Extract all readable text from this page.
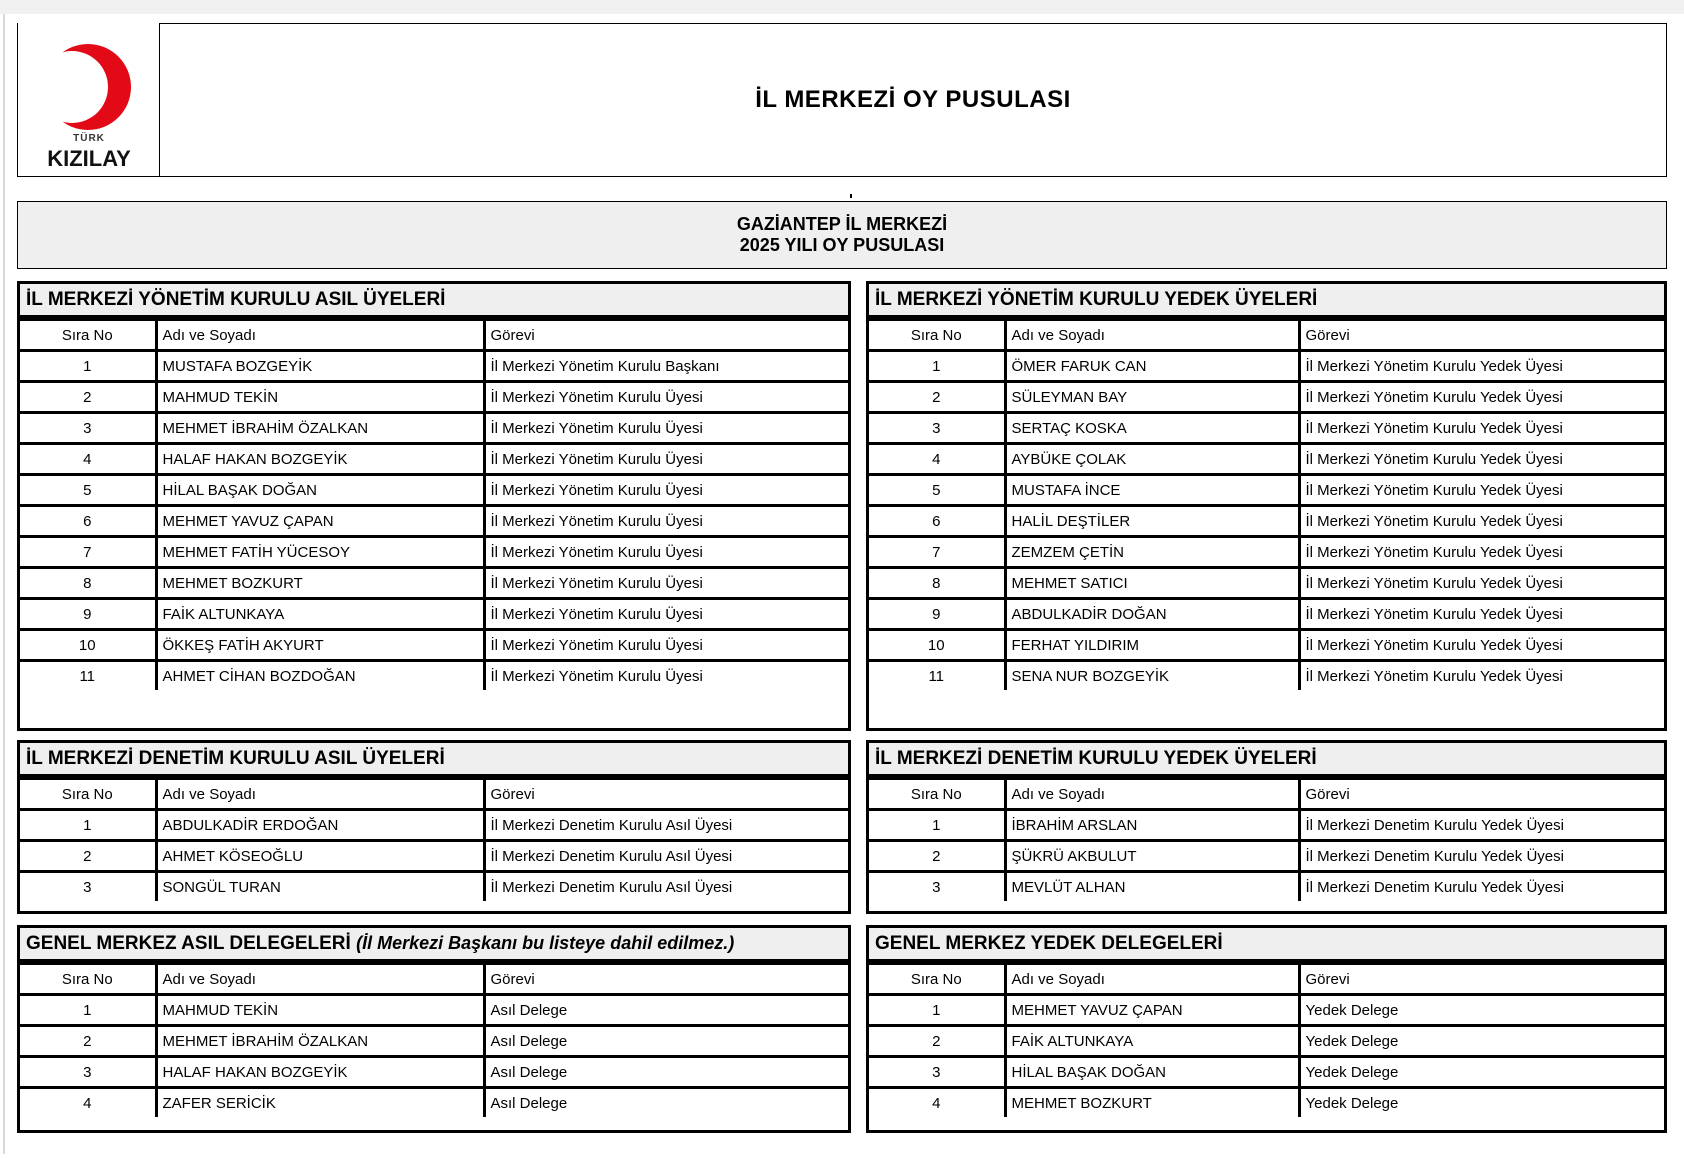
TÜRK
KIZILAY
İL MERKEZİ OY PUSULASI
GAZİANTEP İL MERKEZİ
2025 YILI OY PUSULASI
İL MERKEZİ YÖNETİM KURULU ASIL ÜYELERİ
Sıra No	Adı ve Soyadı	Görevi
1	MUSTAFA BOZGEYİK	İl Merkezi Yönetim Kurulu Başkanı
2	MAHMUD TEKİN	İl Merkezi Yönetim Kurulu Üyesi
3	MEHMET İBRAHİM ÖZALKAN	İl Merkezi Yönetim Kurulu Üyesi
4	HALAF HAKAN BOZGEYİK	İl Merkezi Yönetim Kurulu Üyesi
5	HİLAL BAŞAK DOĞAN	İl Merkezi Yönetim Kurulu Üyesi
6	MEHMET YAVUZ ÇAPAN	İl Merkezi Yönetim Kurulu Üyesi
7	MEHMET FATİH YÜCESOY	İl Merkezi Yönetim Kurulu Üyesi
8	MEHMET BOZKURT	İl Merkezi Yönetim Kurulu Üyesi
9	FAİK ALTUNKAYA	İl Merkezi Yönetim Kurulu Üyesi
10	ÖKKEŞ FATİH AKYURT	İl Merkezi Yönetim Kurulu Üyesi
11	AHMET CİHAN BOZDOĞAN	İl Merkezi Yönetim Kurulu Üyesi
İL MERKEZİ YÖNETİM KURULU YEDEK ÜYELERİ
Sıra No	Adı ve Soyadı	Görevi
1	ÖMER FARUK CAN	İl Merkezi Yönetim Kurulu Yedek Üyesi
2	SÜLEYMAN BAY	İl Merkezi Yönetim Kurulu Yedek Üyesi
3	SERTAÇ KOSKA	İl Merkezi Yönetim Kurulu Yedek Üyesi
4	AYBÜKE ÇOLAK	İl Merkezi Yönetim Kurulu Yedek Üyesi
5	MUSTAFA İNCE	İl Merkezi Yönetim Kurulu Yedek Üyesi
6	HALİL DEŞTİLER	İl Merkezi Yönetim Kurulu Yedek Üyesi
7	ZEMZEM ÇETİN	İl Merkezi Yönetim Kurulu Yedek Üyesi
8	MEHMET SATICI	İl Merkezi Yönetim Kurulu Yedek Üyesi
9	ABDULKADİR DOĞAN	İl Merkezi Yönetim Kurulu Yedek Üyesi
10	FERHAT YILDIRIM	İl Merkezi Yönetim Kurulu Yedek Üyesi
11	SENA NUR BOZGEYİK	İl Merkezi Yönetim Kurulu Yedek Üyesi
İL MERKEZİ DENETİM KURULU ASIL ÜYELERİ
Sıra No	Adı ve Soyadı	Görevi
1	ABDULKADİR ERDOĞAN	İl Merkezi Denetim Kurulu Asıl Üyesi
2	AHMET KÖSEOĞLU	İl Merkezi Denetim Kurulu Asıl Üyesi
3	SONGÜL TURAN	İl Merkezi Denetim Kurulu Asıl Üyesi
İL MERKEZİ DENETİM KURULU YEDEK ÜYELERİ
Sıra No	Adı ve Soyadı	Görevi
1	İBRAHİM ARSLAN	İl Merkezi Denetim Kurulu Yedek Üyesi
2	ŞÜKRÜ AKBULUT	İl Merkezi Denetim Kurulu Yedek Üyesi
3	MEVLÜT ALHAN	İl Merkezi Denetim Kurulu Yedek Üyesi
GENEL MERKEZ ASIL DELEGELERİ (İl Merkezi Başkanı bu listeye dahil edilmez.)
Sıra No	Adı ve Soyadı	Görevi
1	MAHMUD TEKİN	Asıl Delege
2	MEHMET İBRAHİM ÖZALKAN	Asıl Delege
3	HALAF HAKAN BOZGEYİK	Asıl Delege
4	ZAFER SERİCİK	Asıl Delege
GENEL MERKEZ YEDEK DELEGELERİ
Sıra No	Adı ve Soyadı	Görevi
1	MEHMET YAVUZ ÇAPAN	Yedek Delege
2	FAİK ALTUNKAYA	Yedek Delege
3	HİLAL BAŞAK DOĞAN	Yedek Delege
4	MEHMET BOZKURT	Yedek Delege
